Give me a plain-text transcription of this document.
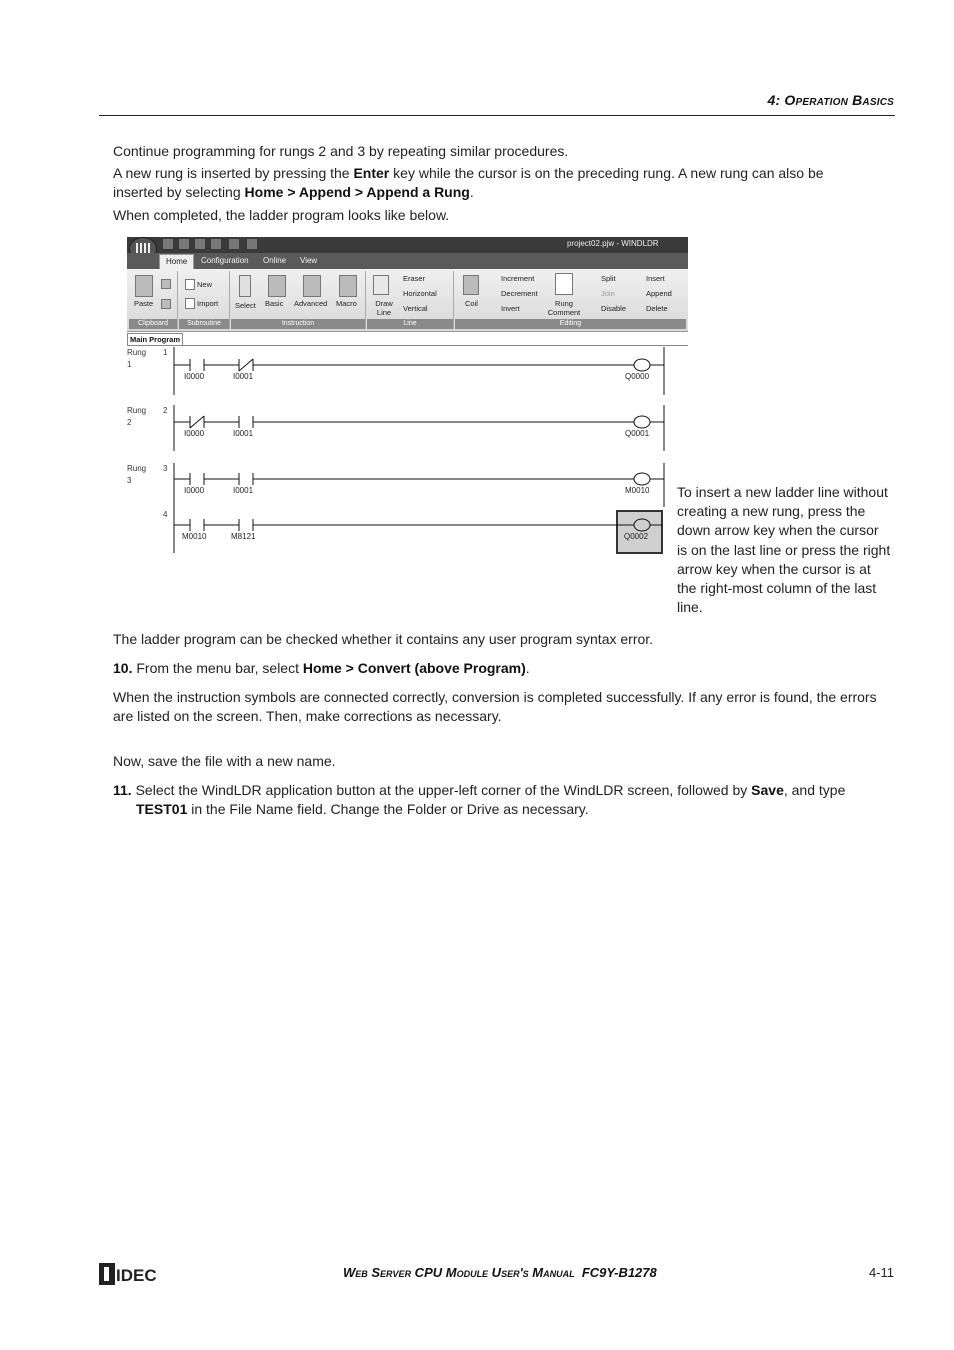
4: Operation Basics

Continue programming for rungs 2 and 3 by repeating similar procedures.

A new rung is inserted by pressing the Enter key while the cursor is on the preceding rung. A new rung can also be inserted by selecting Home > Append > Append a Rung.

When completed, the ladder program looks like below.

project02.pjw - WINDLDR
Home	Configuration	Online	View
Paste
Clipboard
New
Import
Subroutine
Select Basic Advanced Macro
Instruction
Draw Line
Eraser
Horizontal
Vertical
Line
Coil
Increment
Decrement
Invert
Rung Comment
Split
Join
Disable
Insert
Append
Delete
Editing
Main Program
Rung 1
I0000	I0001	Q0000
1
Rung 2
2
I0000	I0001	Q0001
Rung 3
3
I0000	I0001	M0010
4
M0010	M8121	Q0002

To insert a new ladder line without creating a new rung, press the down arrow key when the cursor is on the last line or press the right arrow key when the cursor is at the right-most column of the last line.

The ladder program can be checked whether it contains any user program syntax error.

10. From the menu bar, select Home > Convert (above Program).

When the instruction symbols are connected correctly, conversion is completed successfully. If any error is found, the errors are listed on the screen. Then, make corrections as necessary.

Now, save the file with a new name.

11. Select the WindLDR application button at the upper-left corner of the WindLDR screen, followed by Save, and type
TEST01 in the File Name field. Change the Folder or Drive as necessary.

IDEC	Web Server CPU Module User's Manual FC9Y-B1278	4-11
